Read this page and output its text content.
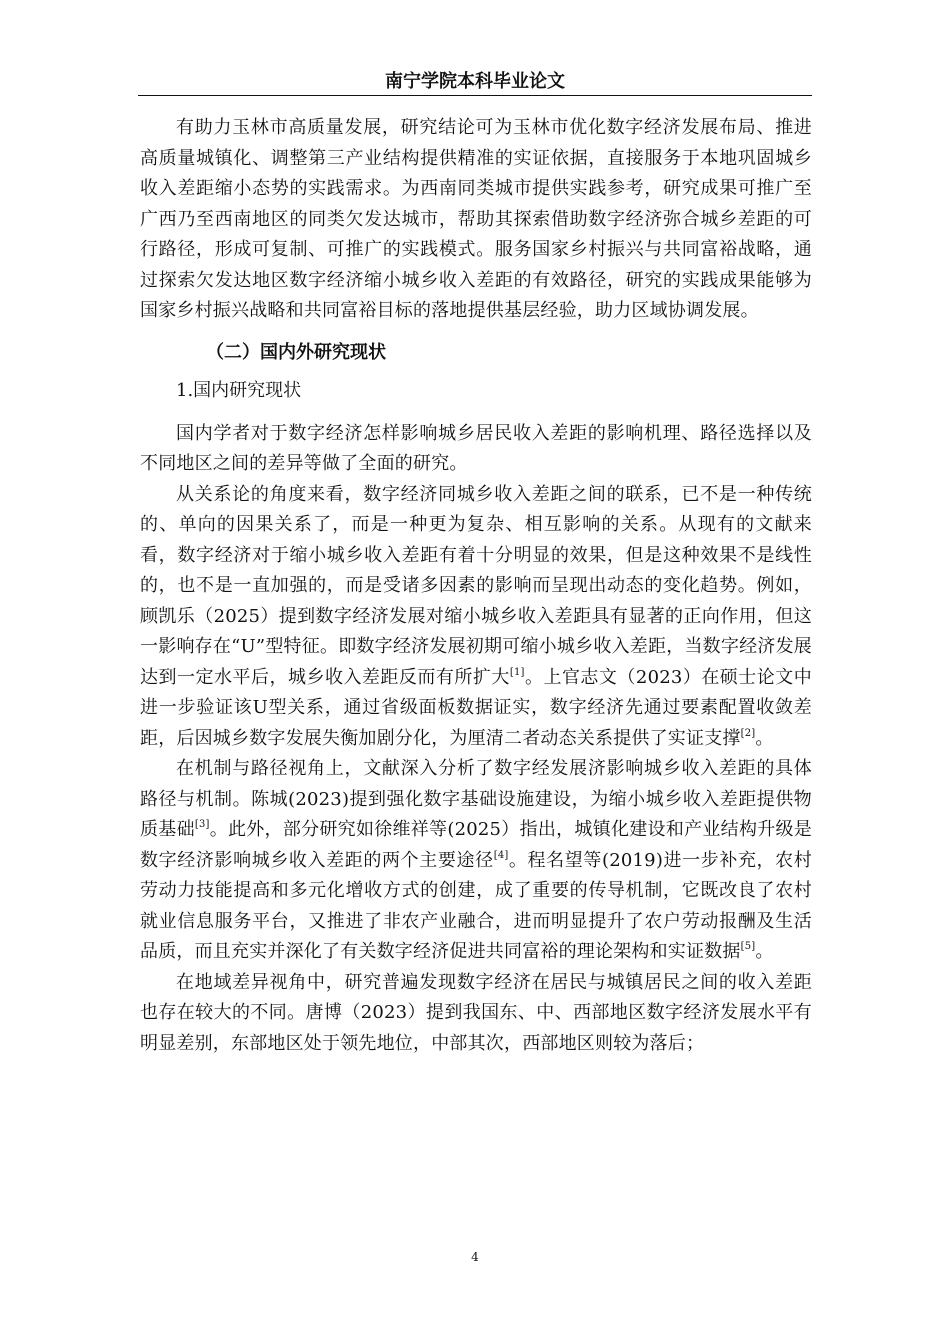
南宁学院本科毕业论文

有助力玉林市高质量发展，研究结论可为玉林市优化数字经济发展布局、推进高质量城镇化、调整第三产业结构提供精准的实证依据，直接服务于本地巩固城乡收入差距缩小态势的实践需求。为西南同类城市提供实践参考，研究成果可推广至广西乃至西南地区的同类欠发达城市，帮助其探索借助数字经济弥合城乡差距的可行路径，形成可复制、可推广的实践模式。服务国家乡村振兴与共同富裕战略，通过探索欠发达地区数字经济缩小城乡收入差距的有效路径，研究的实践成果能够为国家乡村振兴战略和共同富裕目标的落地提供基层经验，助力区域协调发展。

（二）国内外研究现状
1.国内研究现状

国内学者对于数字经济怎样影响城乡居民收入差距的影响机理、路径选择以及不同地区之间的差异等做了全面的研究。

从关系论的角度来看，数字经济同城乡收入差距之间的联系，已不是一种传统的、单向的因果关系了，而是一种更为复杂、相互影响的关系。从现有的文献来看，数字经济对于缩小城乡收入差距有着十分明显的效果，但是这种效果不是线性的，也不是一直加强的，而是受诸多因素的影响而呈现出动态的变化趋势。例如，顾凯乐（2025）提到数字经济发展对缩小城乡收入差距具有显著的正向作用，但这一影响存在“U”型特征。即数字经济发展初期可缩小城乡收入差距，当数字经济发展达到一定水平后，城乡收入差距反而有所扩大[1]。上官志文（2023）在硕士论文中进一步验证该U型关系，通过省级面板数据证实，数字经济先通过要素配置收敛差距，后因城乡数字发展失衡加剧分化，为厘清二者动态关系提供了实证支撑[2]。

在机制与路径视角上，文献深入分析了数字经发展济影响城乡收入差距的具体路径与机制。陈城(2023)提到强化数字基础设施建设，为缩小城乡收入差距提供物质基础[3]。此外，部分研究如徐维祥等(2025）指出，城镇化建设和产业结构升级是数字经济影响城乡收入差距的两个主要途径[4]。程名望等(2019)进一步补充，农村劳动力技能提高和多元化增收方式的创建，成了重要的传导机制，它既改良了农村就业信息服务平台，又推进了非农产业融合，进而明显提升了农户劳动报酬及生活品质，而且充实并深化了有关数字经济促进共同富裕的理论架构和实证数据[5]。

在地域差异视角中，研究普遍发现数字经济在居民与城镇居民之间的收入差距也存在较大的不同。唐博（2023）提到我国东、中、西部地区数字经济发展水平有明显差别，东部地区处于领先地位，中部其次，西部地区则较为落后；

4
